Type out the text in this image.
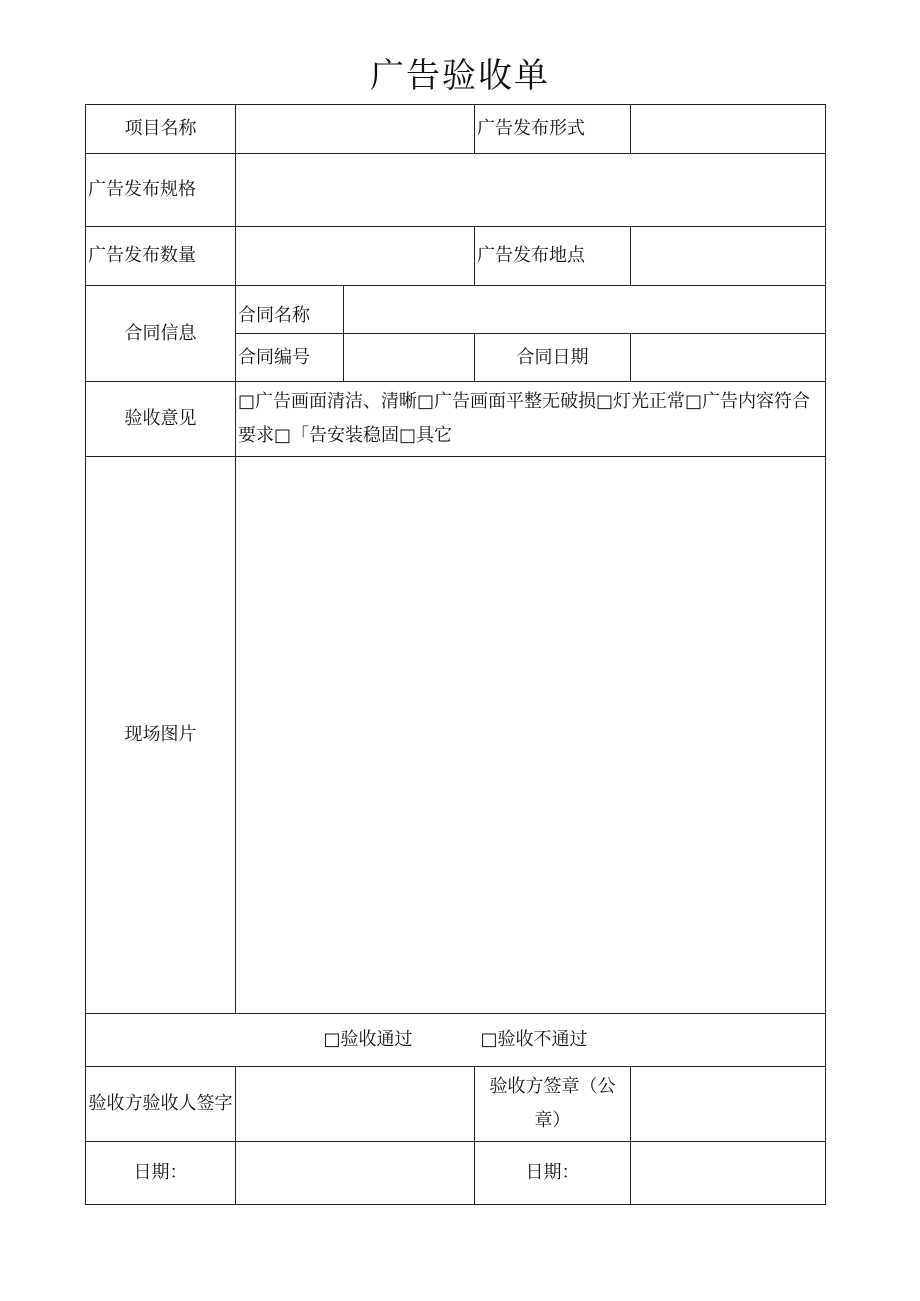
广告验收单
项目名称			广告发布形式	
广告发布规格				
广告发布数量			广告发布地点	
合同信息	合同名称			
	合同编号		合同日期	
验收意见	□广告画面清洁、清晰□广告画面平整无破损□灯光正常□广告内容符合要求□「告安装稳固□具它			
现场图片				
□验收通过 □验收不通过				
验收方验收人签字			验收方签章（公章）	
日期：			日期：	
